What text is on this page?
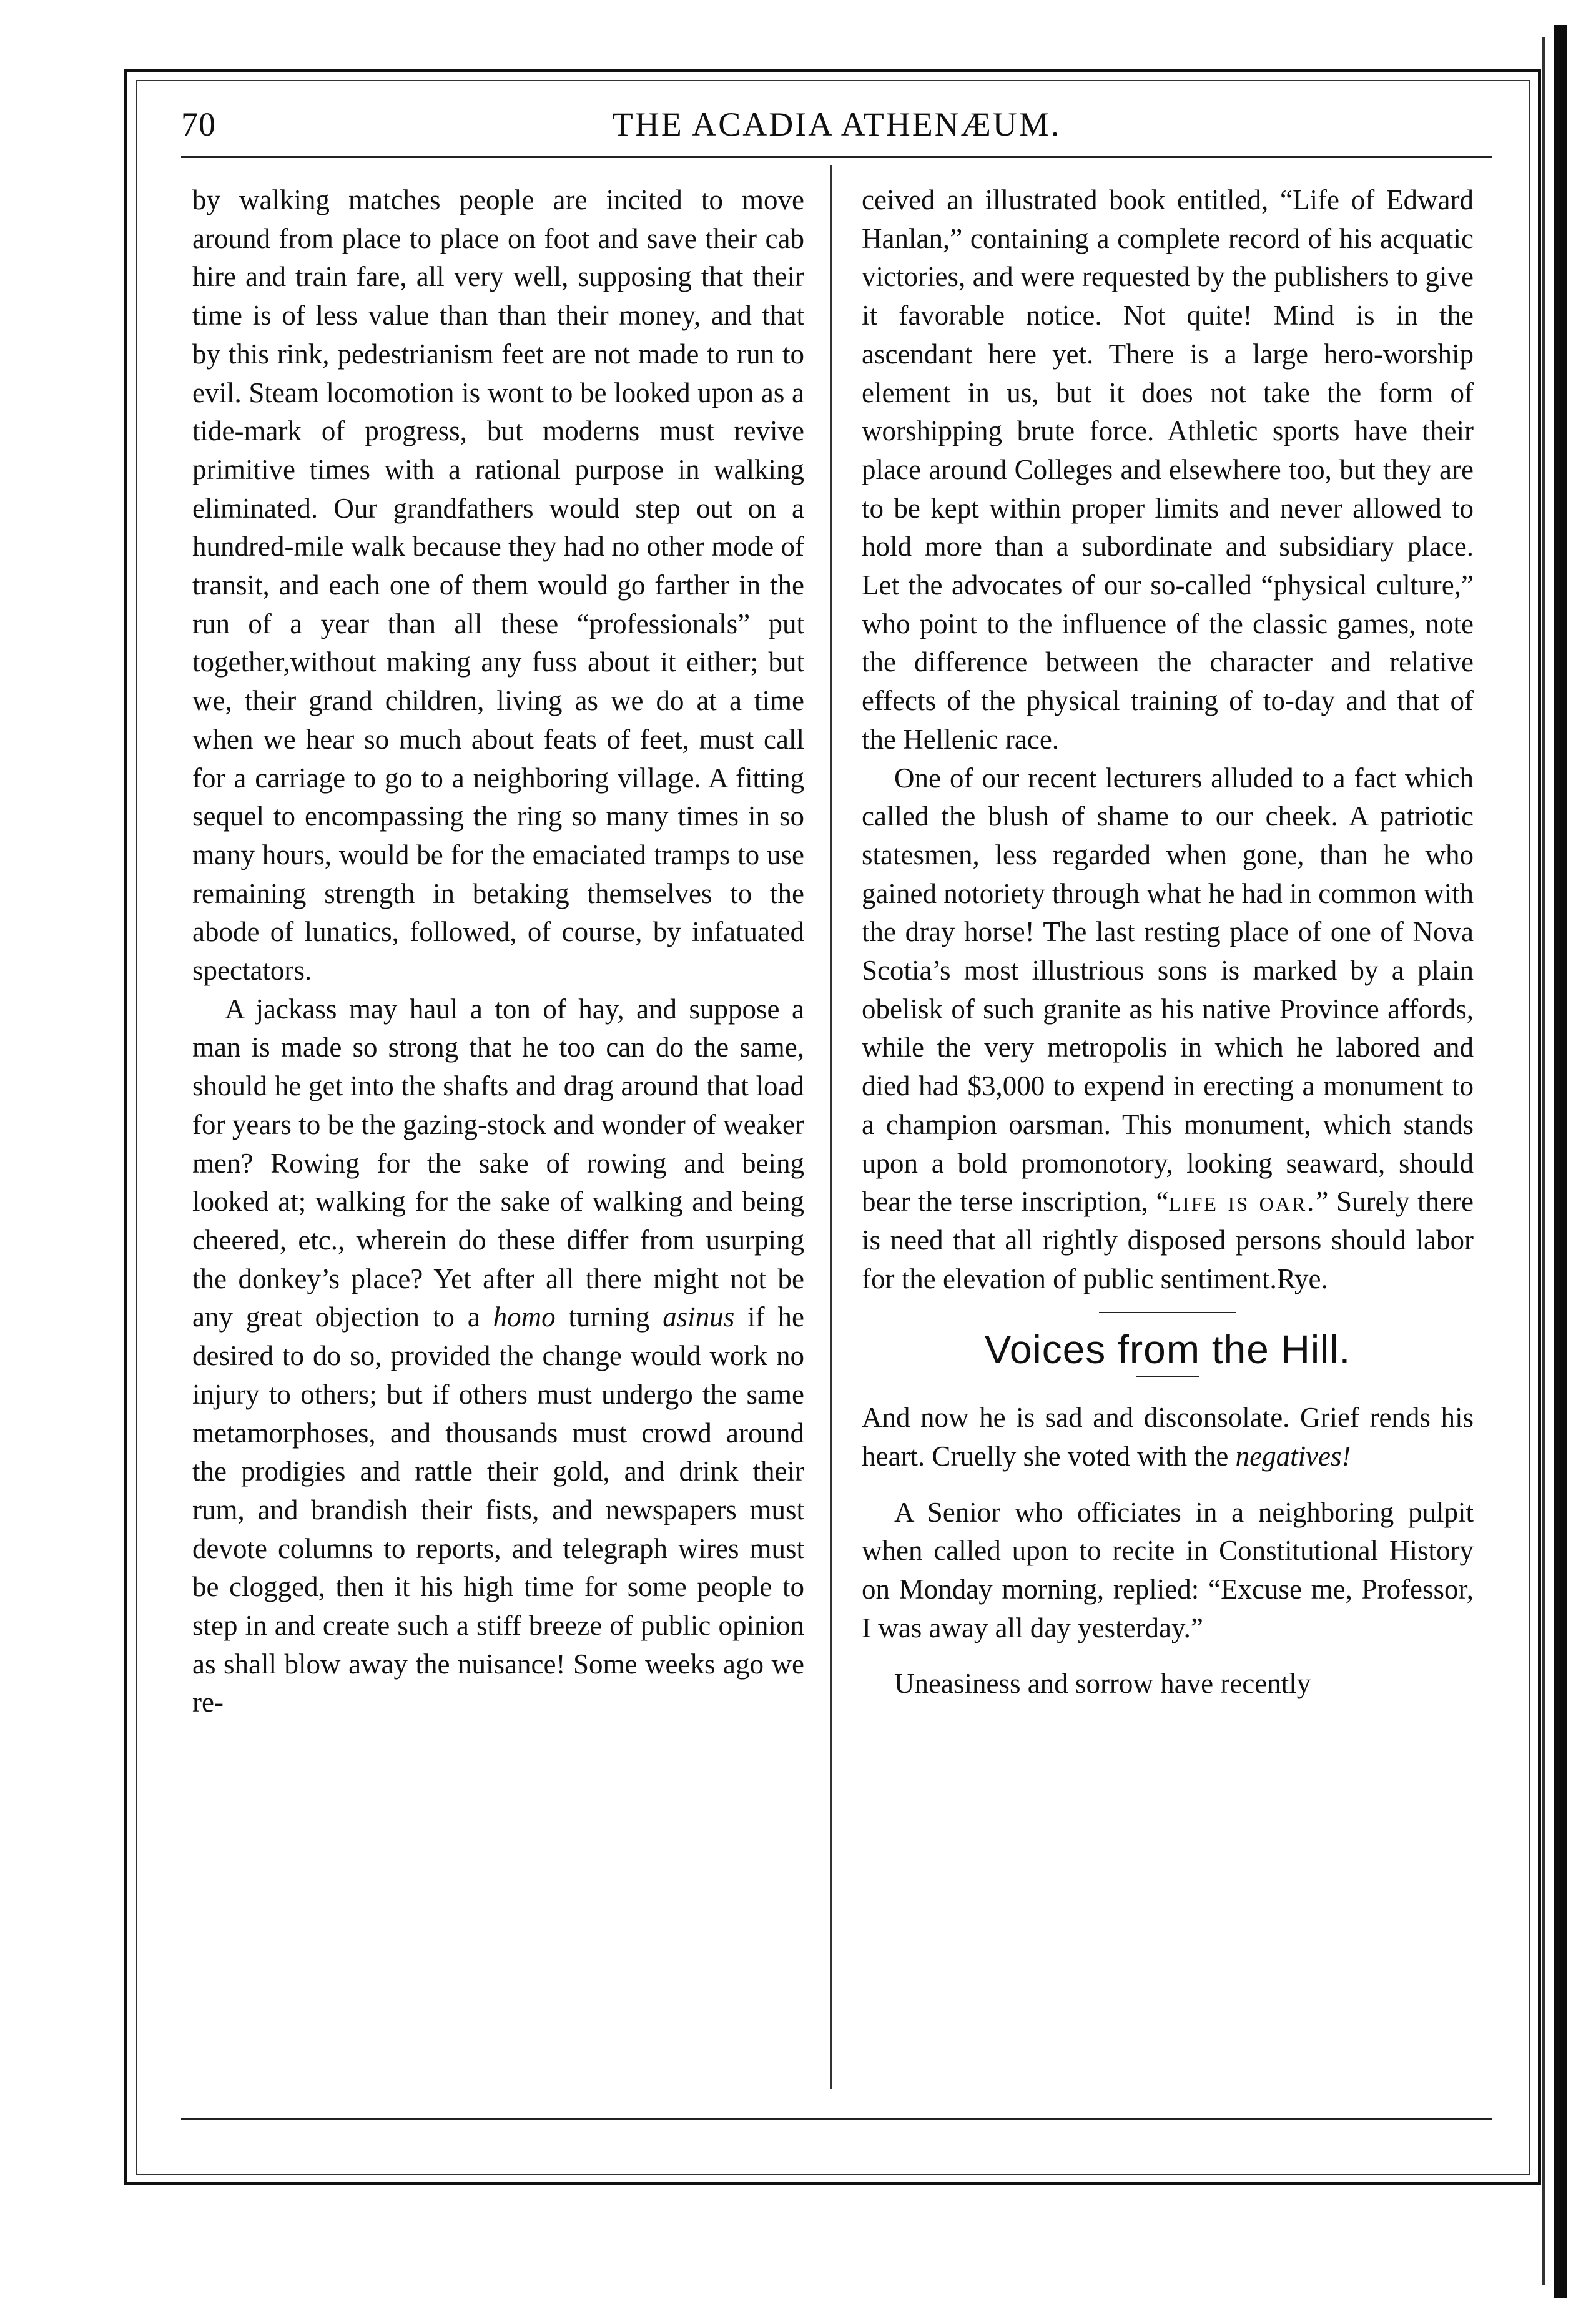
THE ACADIA ATHENÆUM.
70

by walking matches people are incited to move around from place to place on foot and save their cab hire and train fare, all very well, supposing that their time is of less value than than their money, and that by this rink, pedestrianism feet are not made to run to evil. Steam locomotion is wont to be looked upon as a tide-mark of progress, but moderns must revive primitive times with a rational purpose in walking eliminated. Our grandfathers would step out on a hundred-mile walk because they had no other mode of transit, and each one of them would go farther in the run of a year than all these “professionals” put together,without making any fuss about it either; but we, their grand children, living as we do at a time when we hear so much about feats of feet, must call for a carriage to go to a neighboring village. A fitting sequel to encompassing the ring so many times in so many hours, would be for the emaciated tramps to use remaining strength in betaking themselves to the abode of lunatics, followed, of course, by infatuated spectators.

A jackass may haul a ton of hay, and suppose a man is made so strong that he too can do the same, should he get into the shafts and drag around that load for years to be the gazing-stock and wonder of weaker men? Rowing for the sake of rowing and being looked at; walking for the sake of walking and being cheered, etc., wherein do these differ from usurping the donkey’s place? Yet after all there might not be any great objection to a homo turning asinus if he desired to do so, provided the change would work no injury to others; but if others must undergo the same metamorphoses, and thousands must crowd around the prodigies and rattle their gold, and drink their rum, and brandish their fists, and newspapers must devote columns to reports, and telegraph wires must be clogged, then it his high time for some people to step in and create such a stiff breeze of public opinion as shall blow away the nuisance! Some weeks ago we re-

ceived an illustrated book entitled, “Life of Edward Hanlan,” containing a complete record of his acquatic victories, and were requested by the publishers to give it favorable notice. Not quite! Mind is in the ascendant here yet. There is a large hero-worship element in us, but it does not take the form of worshipping brute force. Athletic sports have their place around Colleges and elsewhere too, but they are to be kept within proper limits and never allowed to hold more than a subordinate and subsidiary place. Let the advocates of our so-called “physical culture,” who point to the influence of the classic games, note the difference between the character and relative effects of the physical training of to-day and that of the Hellenic race.

One of our recent lecturers alluded to a fact which called the blush of shame to our cheek. A patriotic statesmen, less regarded when gone, than he who gained notoriety through what he had in common with the dray horse! The last resting place of one of Nova Scotia’s most illustrious sons is marked by a plain obelisk of such granite as his native Province affords, while the very metropolis in which he labored and died had $3,000 to expend in erecting a monument to a champion oarsman. This monument, which stands upon a bold promonotory, looking seaward, should bear the terse inscription, “life is oar.” Surely there is need that all rightly disposed persons should labor for the elevation of public sentiment.Rye.

Voices from the Hill.

And now he is sad and disconsolate. Grief rends his heart. Cruelly she voted with the negatives!

A Senior who officiates in a neighboring pulpit when called upon to recite in Constitutional History on Monday morning, replied: “Excuse me, Professor, I was away all day yesterday.”

Uneasiness and sorrow have recently
